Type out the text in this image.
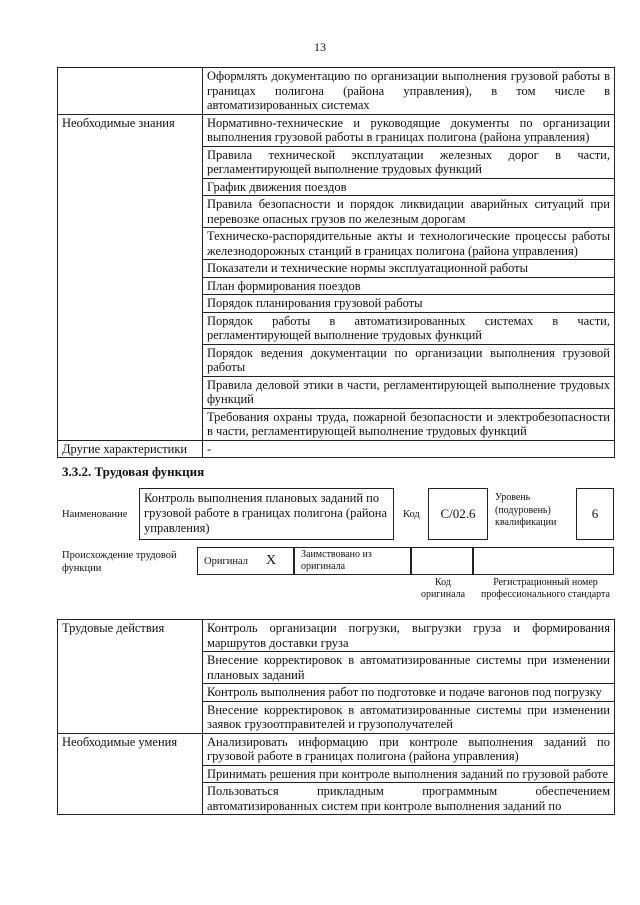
13
	Оформлять документацию по организации выполнения грузовой работы в границах полигона (района управления), в том числе в автоматизированных системах
Необходимые знания	Нормативно-технические и руководящие документы по организации выполнения грузовой работы в границах полигона (района управления)
	Правила технической эксплуатации железных дорог в части, регламентирующей выполнение трудовых функций
	График движения поездов
	Правила безопасности и порядок ликвидации аварийных ситуаций при перевозке опасных грузов по железным дорогам
	Техническо-распорядительные акты и технологические процессы работы железнодорожных станций в границах полигона (района управления)
	Показатели и технические нормы эксплуатационной работы
	План формирования поездов
	Порядок планирования грузовой работы
	Порядок работы в автоматизированных системах в части, регламентирующей выполнение трудовых функций
	Порядок ведения документации по организации выполнения грузовой работы
	Правила деловой этики в части, регламентирующей выполнение трудовых функций
	Требования охраны труда, пожарной безопасности и электробезопасности в части, регламентирующей выполнение трудовых функций
Другие характеристики	-
3.3.2. Трудовая функция
Наименование
Контроль выполнения плановых заданий по грузовой работе в границах полигона (района управления)
Код	С/02.6
Уровень (подуровень) квалификации
6
Происхождение трудовой функции
Оригинал X	Заимствовано из оригинала
Код оригинала
Регистрационный номер профессионального стандарта
Трудовые действия	Контроль организации погрузки, выгрузки груза и формирования маршрутов доставки груза
	Внесение корректировок в автоматизированные системы при изменении плановых заданий
	Контроль выполнения работ по подготовке и подаче вагонов под погрузку
	Внесение корректировок в автоматизированные системы при изменении заявок грузоотправителей и грузополучателей
Необходимые умения	Анализировать информацию при контроле выполнения заданий по грузовой работе в границах полигона (района управления)
	Принимать решения при контроле выполнения заданий по грузовой работе
	Пользоваться прикладным программным обеспечением автоматизированных систем при контроле выполнения заданий по
